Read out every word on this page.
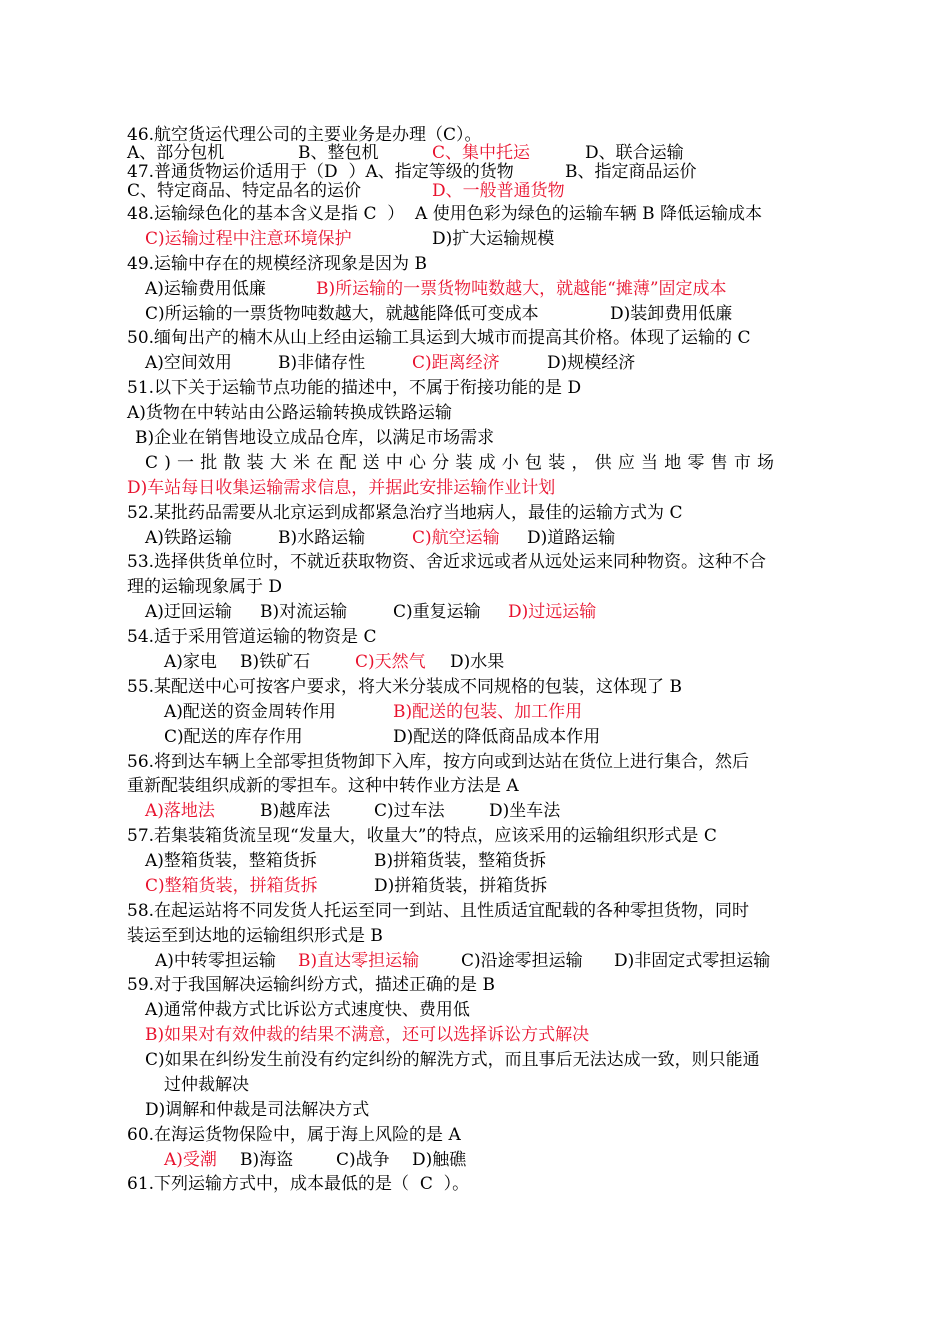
46.航空货运代理公司的主要业务是办理（C）。
A、部分包机	B、整包机	C、集中托运	D、联合运输
47.普通货物运价适用于（D  ）A、指定等级的货物	B、指定商品运价
C、特定商品、特定品名的运价	D、一般普通货物
48.运输绿色化的基本含义是指 C  ）  A 使用色彩为绿色的运输车辆 B 降低运输成本
C)运输过程中注意环境保护	D)扩大运输规模
49.运输中存在的规模经济现象是因为 B
A)运输费用低廉	B)所运输的一票货物吨数越大，就越能“摊薄”固定成本
C)所运输的一票货物吨数越大，就越能降低可变成本	D)装卸费用低廉
50.缅甸出产的楠木从山上经由运输工具运到大城市而提高其价格。体现了运输的 C
A)空间效用	B)非储存性	C)距离经济	D)规模经济
51.以下关于运输节点功能的描述中，不属于衔接功能的是 D
A)货物在中转站由公路运输转换成铁路运输
B)企业在销售地设立成品仓库，以满足市场需求
C)一批散装大米在配送中心分装成小包装，供应当地零售市场
D)车站每日收集运输需求信息，并据此安排运输作业计划
52.某批药品需要从北京运到成都紧急治疗当地病人，最佳的运输方式为 C
A)铁路运输	B)水路运输	C)航空运输 D)道路运输
53.选择供货单位时，不就近获取物资、舍近求远或者从远处运来同种物资。这种不合
理的运输现象属于 D
A)迂回运输 B)对流运输	C)重复运输 D)过远运输
54.适于采用管道运输的物资是 C
A)家电 B)铁矿石	C)天然气 D)水果
55.某配送中心可按客户要求，将大米分装成不同规格的包装，这体现了 B
A)配送的资金周转作用	B)配送的包装、加工作用
C)配送的库存作用	D)配送的降低商品成本作用
56.将到达车辆上全部零担货物卸下入库，按方向或到达站在货位上进行集合，然后
重新配装组织成新的零担车。这种中转作业方法是 A
A)落地法	B)越库法	C)过车法	D)坐车法
57.若集装箱货流呈现“发量大，收量大”的特点，应该采用的运输组织形式是 C
A)整箱货装，整箱货拆	B)拼箱货装，整箱货拆
C)整箱货装，拼箱货拆	D)拼箱货装，拼箱货拆
58.在起运站将不同发货人托运至同一到站、且性质适宜配载的各种零担货物，同时
装运至到达地的运输组织形式是 B
A)中转零担运输 B)直达零担运输 C)沿途零担运输 D)非固定式零担运输
59.对于我国解决运输纠纷方式，描述正确的是 B
A)通常仲裁方式比诉讼方式速度快、费用低
B)如果对有效仲裁的结果不满意，还可以选择诉讼方式解决
C)如果在纠纷发生前没有约定纠纷的解洗方式，而且事后无法达成一致，则只能通
过仲裁解决
D)调解和仲裁是司法解决方式
60.在海运货物保险中，属于海上风险的是 A
A)受潮 B)海盗	C)战争 D)触礁
61.下列运输方式中，成本最低的是（  C  ）。
